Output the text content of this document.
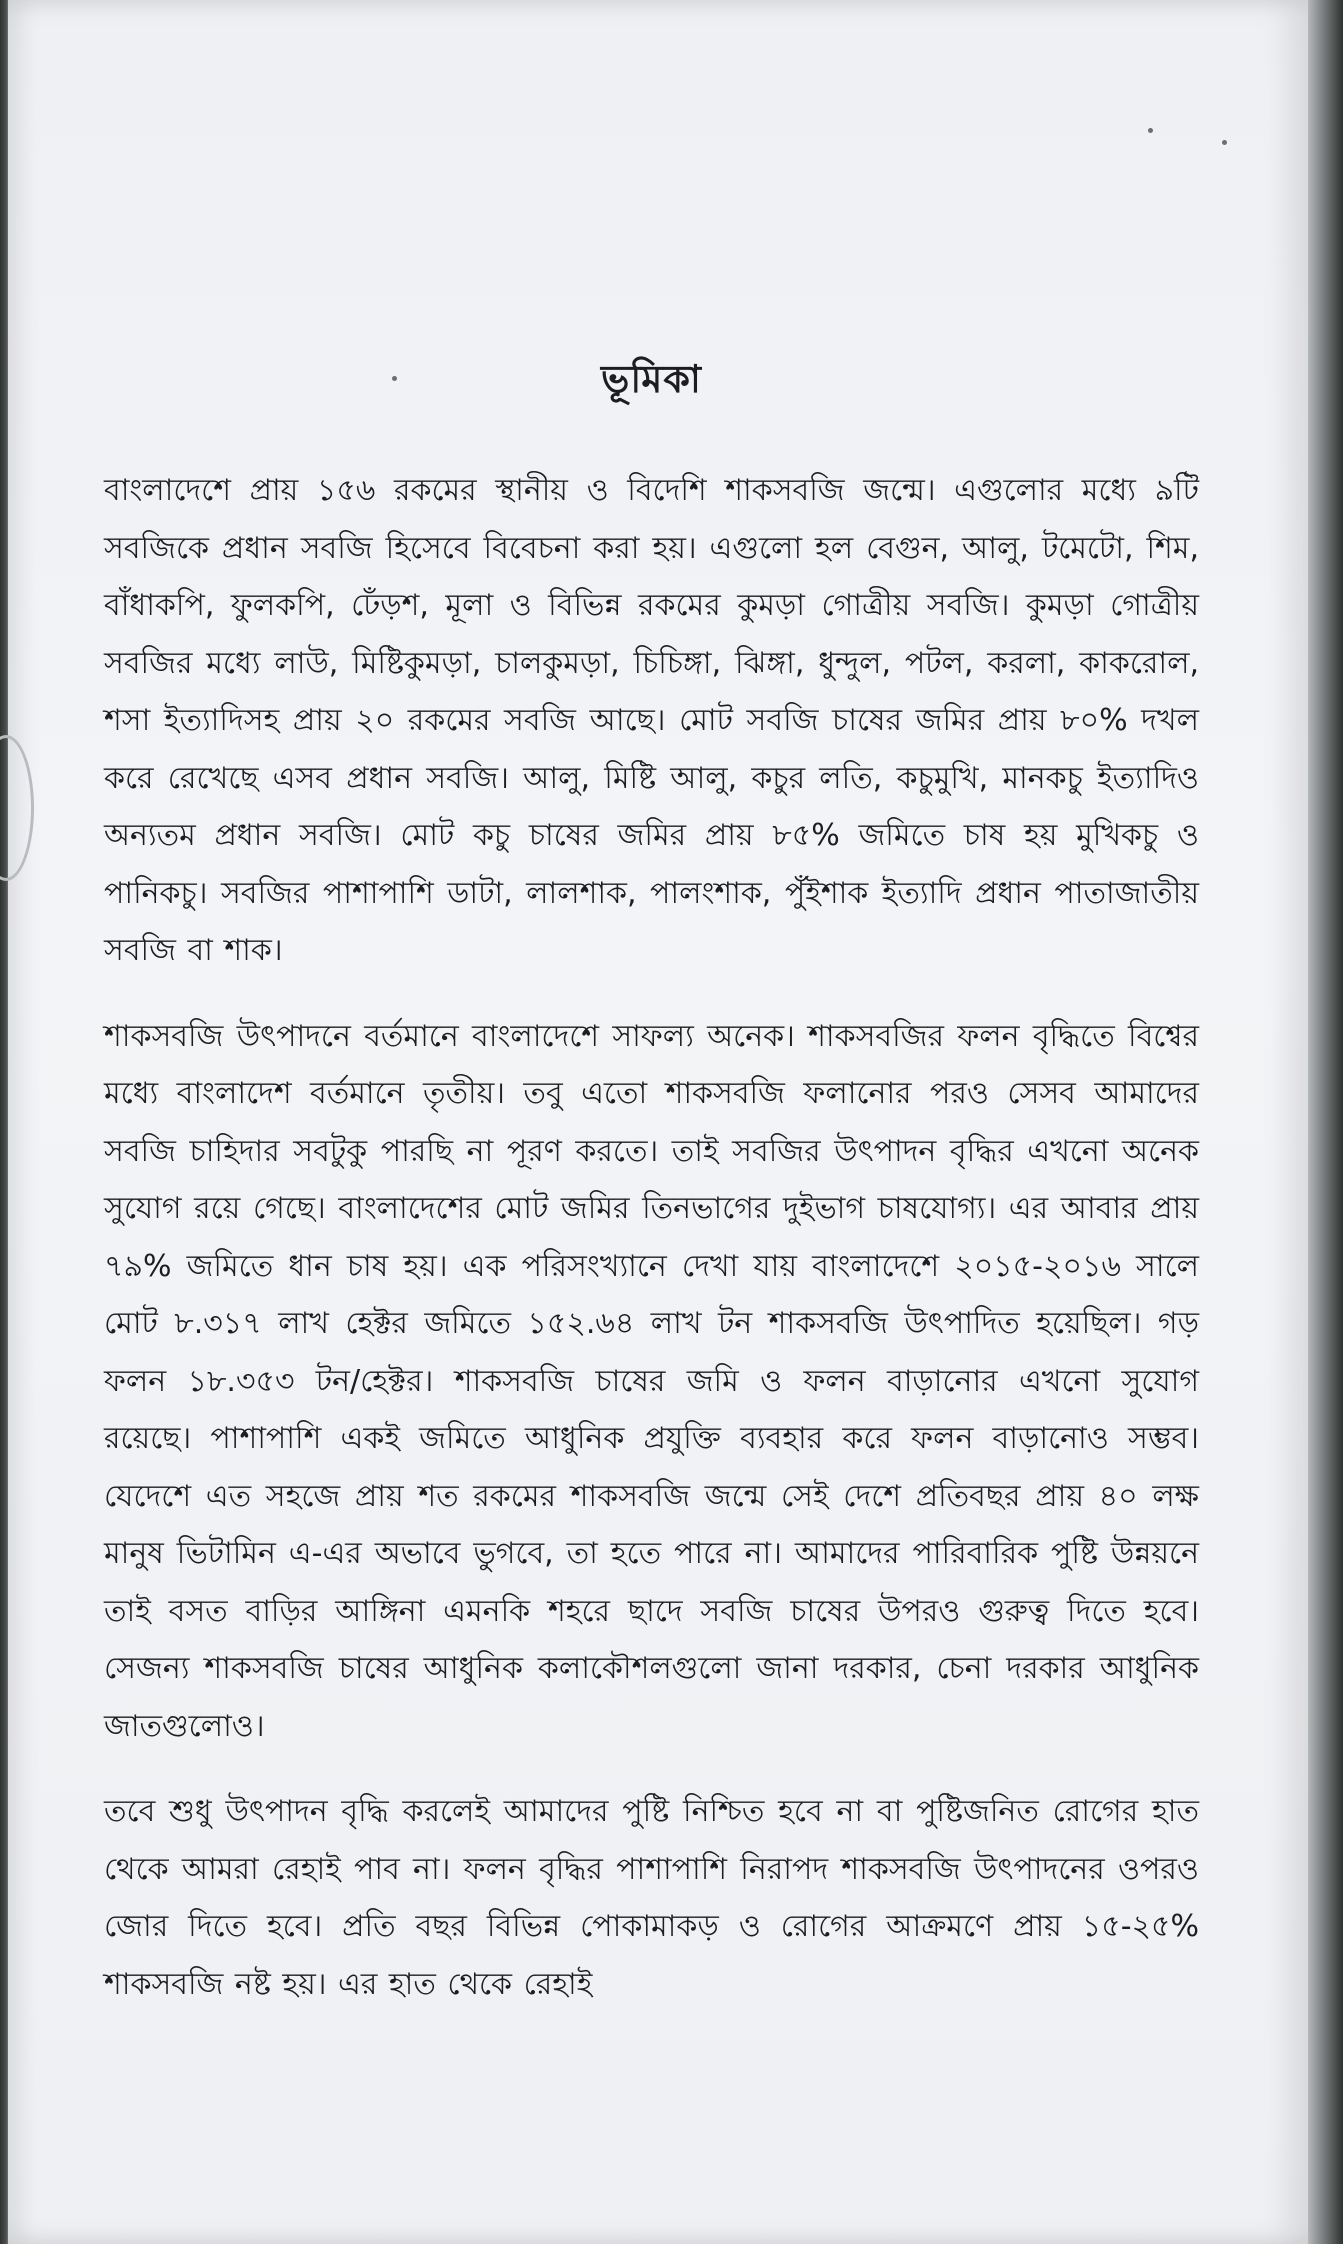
ভূমিকা

বাংলাদেশে প্রায় ১৫৬ রকমের স্থানীয় ও বিদেশি শাকসবজি জন্মে। এগুলোর মধ্যে ৯টি সবজিকে প্রধান সবজি হিসেবে বিবেচনা করা হয়। এগুলো হল বেগুন, আলু, টমেটো, শিম, বাঁধাকপি, ফুলকপি, ঢেঁড়শ, মূলা ও বিভিন্ন রকমের কুমড়া গোত্রীয় সবজি। কুমড়া গোত্রীয় সবজির মধ্যে লাউ, মিষ্টিকুমড়া, চালকুমড়া, চিচিঙ্গা, ঝিঙ্গা, ধুন্দুল, পটল, করলা, কাকরোল, শসা ইত্যাদিসহ প্রায় ২০ রকমের সবজি আছে। মোট সবজি চাষের জমির প্রায় ৮০% দখল করে রেখেছে এসব প্রধান সবজি। আলু, মিষ্টি আলু, কচুর লতি, কচুমুখি, মানকচু ইত্যাদিও অন্যতম প্রধান সবজি। মোট কচু চাষের জমির প্রায় ৮৫% জমিতে চাষ হয় মুখিকচু ও পানিকচু। সবজির পাশাপাশি ডাটা, লালশাক, পালংশাক, পুঁইশাক ইত্যাদি প্রধান পাতাজাতীয় সবজি বা শাক।

শাকসবজি উৎপাদনে বর্তমানে বাংলাদেশে সাফল্য অনেক। শাকসবজির ফলন বৃদ্ধিতে বিশ্বের মধ্যে বাংলাদেশ বর্তমানে তৃতীয়। তবু এতো শাকসবজি ফলানোর পরও সেসব আমাদের সবজি চাহিদার সবটুকু পারছি না পূরণ করতে। তাই সবজির উৎপাদন বৃদ্ধির এখনো অনেক সুযোগ রয়ে গেছে। বাংলাদেশের মোট জমির তিনভাগের দুইভাগ চাষযোগ্য। এর আবার প্রায় ৭৯% জমিতে ধান চাষ হয়। এক পরিসংখ্যানে দেখা যায় বাংলাদেশে ২০১৫-২০১৬ সালে মোট ৮.৩১৭ লাখ হেক্টর জমিতে ১৫২.৬৪ লাখ টন শাকসবজি উৎপাদিত হয়েছিল। গড় ফলন ১৮.৩৫৩ টন/হেক্টর। শাকসবজি চাষের জমি ও ফলন বাড়ানোর এখনো সুযোগ রয়েছে। পাশাপাশি একই জমিতে আধুনিক প্রযুক্তি ব্যবহার করে ফলন বাড়ানোও সম্ভব। যেদেশে এত সহজে প্রায় শত রকমের শাকসবজি জন্মে সেই দেশে প্রতিবছর প্রায় ৪০ লক্ষ মানুষ ভিটামিন এ-এর অভাবে ভুগবে, তা হতে পারে না। আমাদের পারিবারিক পুষ্টি উন্নয়নে তাই বসত বাড়ির আঙ্গিনা এমনকি শহরে ছাদে সবজি চাষের উপরও গুরুত্ব দিতে হবে। সেজন্য শাকসবজি চাষের আধুনিক কলাকৌশলগুলো জানা দরকার, চেনা দরকার আধুনিক জাতগুলোও।

তবে শুধু উৎপাদন বৃদ্ধি করলেই আমাদের পুষ্টি নিশ্চিত হবে না বা পুষ্টিজনিত রোগের হাত থেকে আমরা রেহাই পাব না। ফলন বৃদ্ধির পাশাপাশি নিরাপদ শাকসবজি উৎপাদনের ওপরও জোর দিতে হবে। প্রতি বছর বিভিন্ন পোকামাকড় ও রোগের আক্রমণে প্রায় ১৫-২৫% শাকসবজি নষ্ট হয়। এর হাত থেকে রেহাই
